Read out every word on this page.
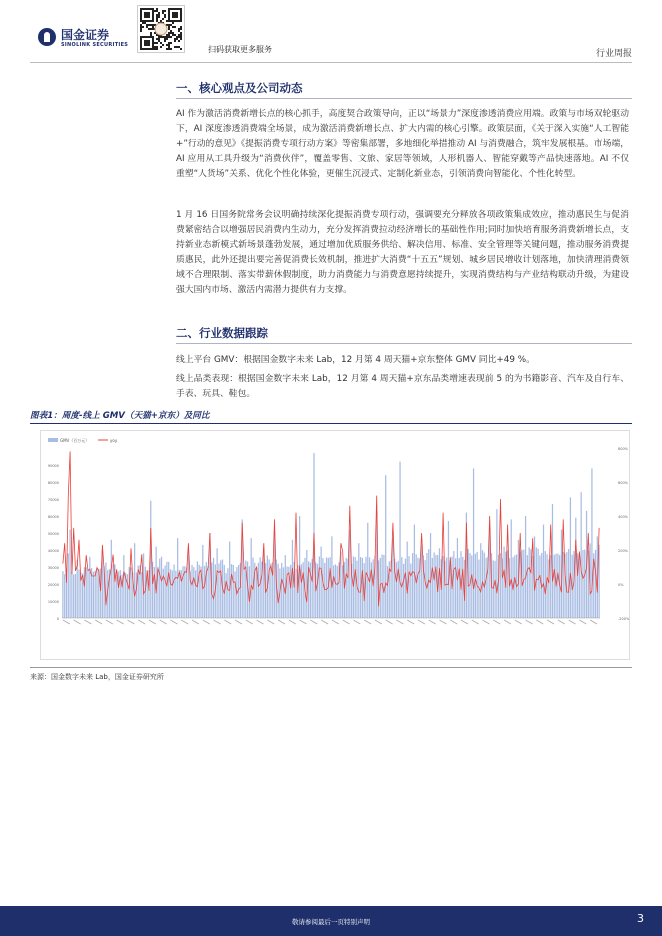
国金证券
SINOLINK SECURITIES	扫码获取更多服务	行业周报
一、核心观点及公司动态
AI 作为激活消费新增长点的核心抓手，高度契合政策导向，正以“场景力”深度渗透消费应用端。政策与市场双轮驱动下，AI 深度渗透消费端全场景，成为激活消费新增长点、扩大内需的核心引擎。政策层面，《关于深入实施“人工智能+”行动的意见》《提振消费专项行动方案》等密集部署，多地细化举措推动 AI 与消费融合，筑牢发展根基。市场端，AI 应用从工具升级为“消费伙伴”，覆盖零售、文旅、家居等领域，人形机器人、智能穿戴等产品快速落地。AI 不仅重塑“人货场”关系、优化个性化体验，更催生沉浸式、定制化新业态，引领消费向智能化、个性化转型。
1 月 16 日国务院常务会议明确持续深化提振消费专项行动，强调要充分释放各项政策集成效应，推动惠民生与促消费紧密结合以增强居民消费内生动力，充分发挥消费拉动经济增长的基础性作用;同时加快培育服务消费新增长点，支持新业态新模式新场景蓬勃发展，通过增加优质服务供给、解决信用、标准、安全管理等关键问题，推动服务消费提质惠民，此外还提出要完善促消费长效机制，推进扩大消费“十五五”规划、城乡居民增收计划落地，加快清理消费领域不合理限制、落实带薪休假制度，助力消费能力与消费意愿持续提升，实现消费结构与产业结构联动升级，为建设强大国内市场、激活内需潜力提供有力支撑。
二、行业数据跟踪
线上平台 GMV：根据国金数字未来 Lab，12 月第 4 周天猫+京东整体 GMV 同比+49 %。
线上品类表现：根据国金数字未来 Lab，12 月第 4 周天猫+京东品类增速表现前 5 的为书籍影音、汽车及自行车、手表、玩具、鞋包。
图表1：周度-线上 GMV（天猫+京东）及同比
0
10000
20000
30000
40000
50000
60000
70000
80000
90000
-200%
0%
200%
400%
600%
800%
GMV（百万元）	yoy
来源：国金数字未来 Lab，国金证券研究所
敬请参阅最后一页特别声明	3
